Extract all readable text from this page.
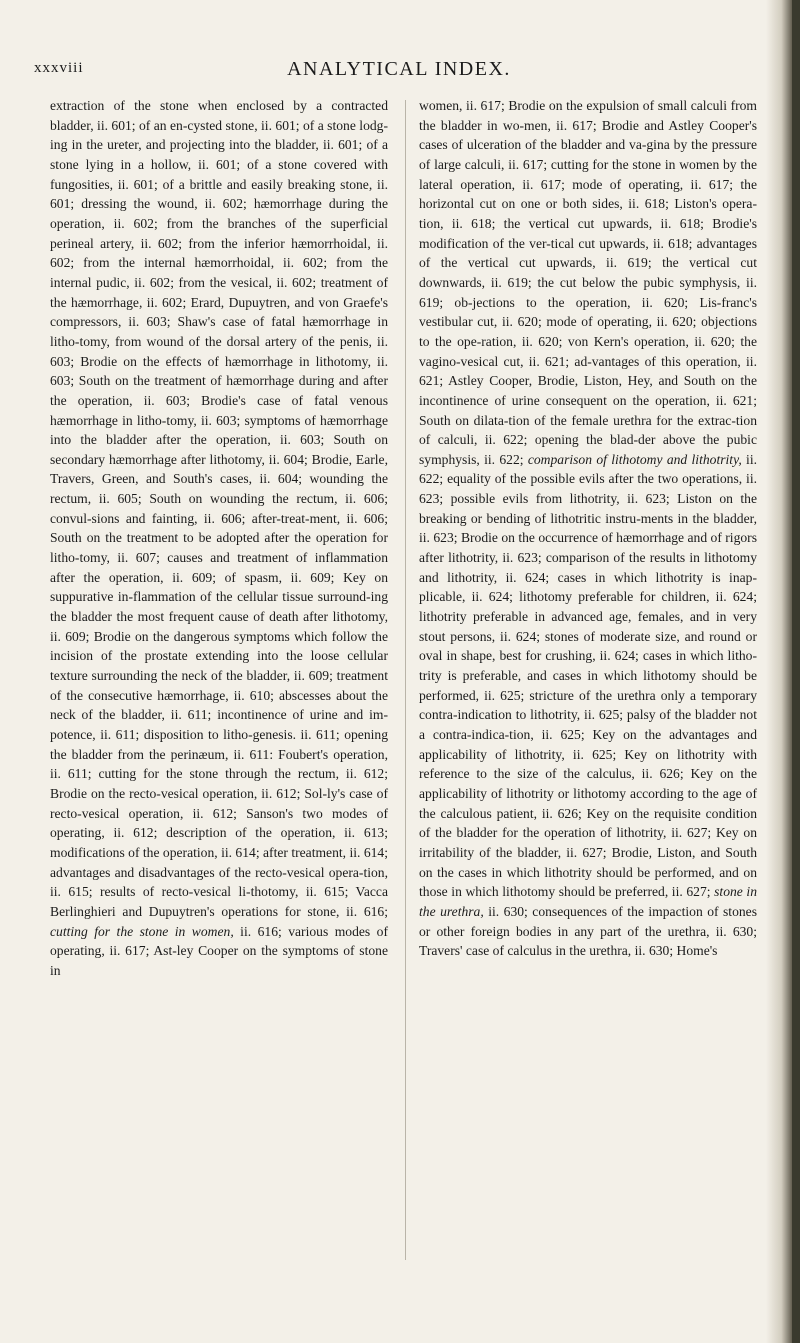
xxxviii	ANALYTICAL INDEX.
extraction of the stone when enclosed by a contracted bladder, ii. 601; of an en-cysted stone, ii. 601; of a stone lodg-ing in the ureter, and projecting into the bladder, ii. 601; of a stone lying in a hollow, ii. 601; of a stone covered with fungosities, ii. 601; of a brittle and easily breaking stone, ii. 601; dressing the wound, ii. 602; hæmorrhage during the operation, ii. 602; from the branches of the superficial perineal artery, ii. 602; from the inferior hæmorrhoidal, ii. 602; from the internal hæmorrhoidal, ii. 602; from the internal pudic, ii. 602; from the vesical, ii. 602; treatment of the hæmorrhage, ii. 602; Erard, Dupuytren, and von Graefe's compressors, ii. 603; Shaw's case of fatal hæmorrhage in litho-tomy, from wound of the dorsal artery of the penis, ii. 603; Brodie on the effects of hæmorrhage in lithotomy, ii. 603; South on the treatment of hæmorrhage during and after the operation, ii. 603; Brodie's case of fatal venous hæmorrhage in litho-tomy, ii. 603; symptoms of hæmorrhage into the bladder after the operation, ii. 603; South on secondary hæmorrhage after lithotomy, ii. 604; Brodie, Earle, Travers, Green, and South's cases, ii. 604; wounding the rectum, ii. 605; South on wounding the rectum, ii. 606; convul-sions and fainting, ii. 606; after-treat-ment, ii. 606; South on the treatment to be adopted after the operation for litho-tomy, ii. 607; causes and treatment of inflammation after the operation, ii. 609; of spasm, ii. 609; Key on suppurative in-flammation of the cellular tissue surround-ing the bladder the most frequent cause of death after lithotomy, ii. 609; Brodie on the dangerous symptoms which follow the incision of the prostate extending into the loose cellular texture surrounding the neck of the bladder, ii. 609; treatment of the consecutive hæmorrhage, ii. 610; abscesses about the neck of the bladder, ii. 611; incontinence of urine and im-potence, ii. 611; disposition to litho-genesis. ii. 611; opening the bladder from the perinæum, ii. 611: Foubert's operation, ii. 611; cutting for the stone through the rectum, ii. 612; Brodie on the recto-vesical operation, ii. 612; Sol-ly's case of recto-vesical operation, ii. 612; Sanson's two modes of operating, ii. 612; description of the operation, ii. 613; modifications of the operation, ii. 614; after treatment, ii. 614; advantages and disadvantages of the recto-vesical opera-tion, ii. 615; results of recto-vesical li-thotomy, ii. 615; Vacca Berlinghieri and Dupuytren's operations for stone, ii. 616; cutting for the stone in women, ii. 616; various modes of operating, ii. 617; Ast-ley Cooper on the symptoms of stone in
women, ii. 617; Brodie on the expulsion of small calculi from the bladder in wo-men, ii. 617; Brodie and Astley Cooper's cases of ulceration of the bladder and va-gina by the pressure of large calculi, ii. 617; cutting for the stone in women by the lateral operation, ii. 617; mode of operating, ii. 617; the horizontal cut on one or both sides, ii. 618; Liston's opera-tion, ii. 618; the vertical cut upwards, ii. 618; Brodie's modification of the ver-tical cut upwards, ii. 618; advantages of the vertical cut upwards, ii. 619; the vertical cut downwards, ii. 619; the cut below the pubic symphysis, ii. 619; ob-jections to the operation, ii. 620; Lis-franc's vestibular cut, ii. 620; mode of operating, ii. 620; objections to the ope-ration, ii. 620; von Kern's operation, ii. 620; the vagino-vesical cut, ii. 621; ad-vantages of this operation, ii. 621; Astley Cooper, Brodie, Liston, Hey, and South on the incontinence of urine consequent on the operation, ii. 621; South on dilata-tion of the female urethra for the extrac-tion of calculi, ii. 622; opening the blad-der above the pubic symphysis, ii. 622; comparison of lithotomy and lithotrity, ii. 622; equality of the possible evils after the two operations, ii. 623; possible evils from lithotrity, ii. 623; Liston on the breaking or bending of lithotritic instru-ments in the bladder, ii. 623; Brodie on the occurrence of hæmorrhage and of rigors after lithotrity, ii. 623; comparison of the results in lithotomy and lithotrity, ii. 624; cases in which lithotrity is inap-plicable, ii. 624; lithotomy preferable for children, ii. 624; lithotrity preferable in advanced age, females, and in very stout persons, ii. 624; stones of moderate size, and round or oval in shape, best for crushing, ii. 624; cases in which litho-trity is preferable, and cases in which lithotomy should be performed, ii. 625; stricture of the urethra only a temporary contra-indication to lithotrity, ii. 625; palsy of the bladder not a contra-indica-tion, ii. 625; Key on the advantages and applicability of lithotrity, ii. 625; Key on lithotrity with reference to the size of the calculus, ii. 626; Key on the applicability of lithotrity or lithotomy according to the age of the calculous patient, ii. 626; Key on the requisite condition of the bladder for the operation of lithotrity, ii. 627; Key on irritability of the bladder, ii. 627; Brodie, Liston, and South on the cases in which lithotrity should be performed, and on those in which lithotomy should be preferred, ii. 627; stone in the urethra, ii. 630; consequences of the impaction of stones or other foreign bodies in any part of the urethra, ii. 630; Travers' case of calculus in the urethra, ii. 630; Home's
